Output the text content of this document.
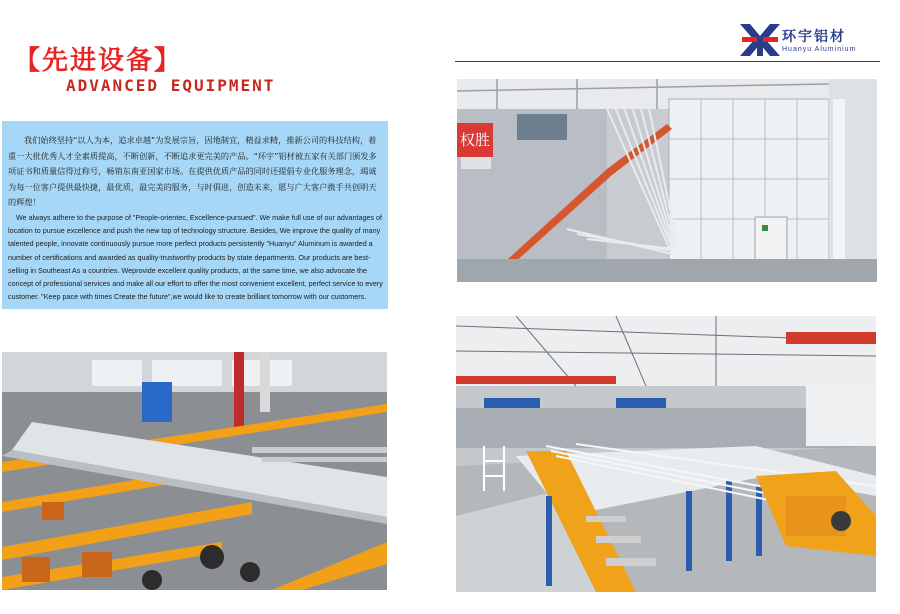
【先进设备】
ADVANCED EQUIPMENT
环宇铝材
Huanyu Aluminium

我们始终坚持“以人为本，追求卓越”为发展宗旨，因地制宜，精益求精，推新公司的科技结构，着重一大批优秀人才全素质提高，不断创新，不断追求更完美的产品。“环宇”铝材被五家有关部门颁发多项证书和质量信得过称号，畅销东南亚国家市场。在提供优质产品的同时还提倡专业化服务理念，竭诚为每一位客户提供最快捷，最优质，最完美的服务，与时俱进，创造未来，愿与广大客户携手共创明天的辉煌！

We always adhere to the purpose of "People-orientec, Excellence-pursued". We make full use of our advantages of location to pursue excellence and push the new top of technology structure. Besides, We improve the quality of many talented people, innovate continuously pursue more perfect products persistently "Huanyu" Aluminum is awarded a number of certifications and awarded as quality-trustworthy products by state departments. Our products are best-selling in Southeast As a countries. Weprovide excellent quality products, at the same time, we also advocate the concept of professional services and make all our effort to offer the most convenient excellent, perfect service to every customer. "Keep pace with times Create the future",we would like to create brilliant tomorrow with our customers.

权胜
